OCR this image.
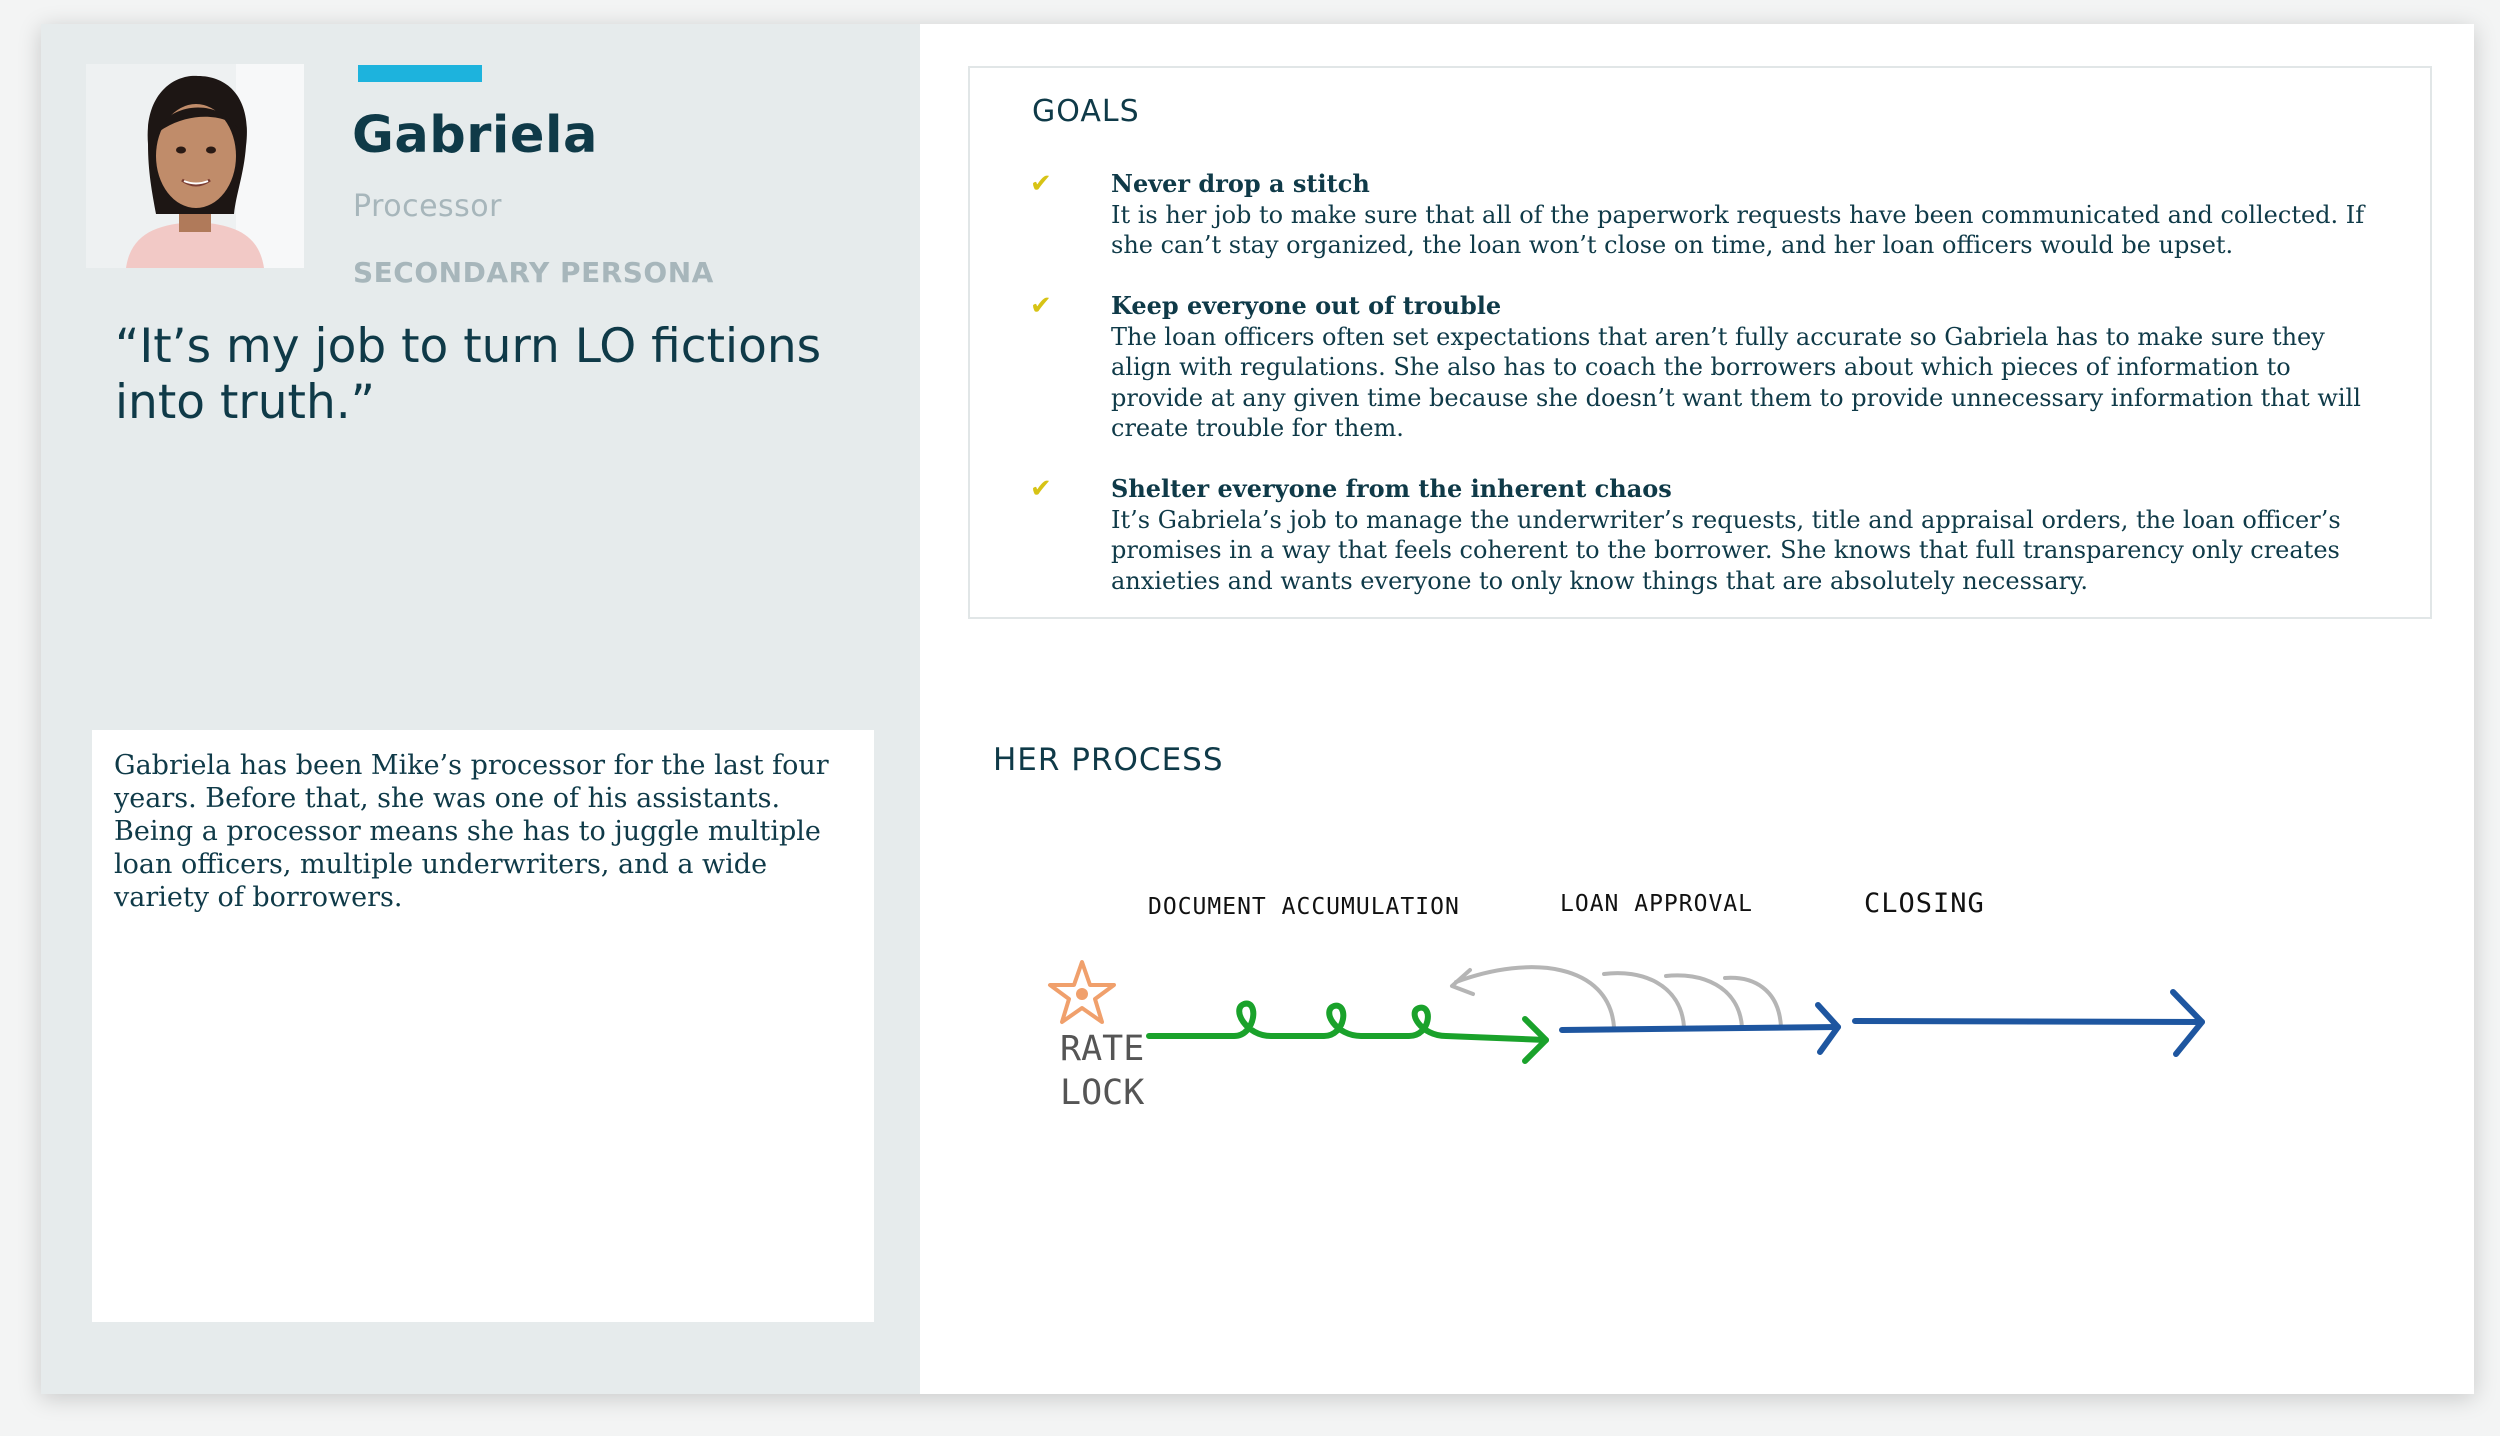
Gabriela
Processor
SECONDARY PERSONA

“It’s my job to turn LO fictions into truth.”

Gabriela has been Mike’s processor for the last four years. Before that, she was one of his assistants. Being a processor means she has to juggle multiple loan officers, multiple underwriters, and a wide variety of borrowers.
GOALS
✔ Never drop a stitch
It is her job to make sure that all of the paperwork requests have been communicated and collected. If she can’t stay organized, the loan won’t close on time, and her loan officers would be upset.
✔ Keep everyone out of trouble
The loan officers often set expectations that aren’t fully accurate so Gabriela has to make sure they align with regulations. She also has to coach the borrowers about which pieces of information to provide at any given time because she doesn’t want them to provide unnecessary information that will create trouble for them.
✔ Shelter everyone from the inherent chaos
It’s Gabriela’s job to manage the underwriter’s requests, title and appraisal orders, the loan officer’s promises in a way that feels coherent to the borrower. She knows that full transparency only creates anxieties and wants everyone to only know things that are absolutely necessary.
HER PROCESS
DOCUMENT ACCUMULATION	LOAN APPROVAL	CLOSING
RATE
LOCK
